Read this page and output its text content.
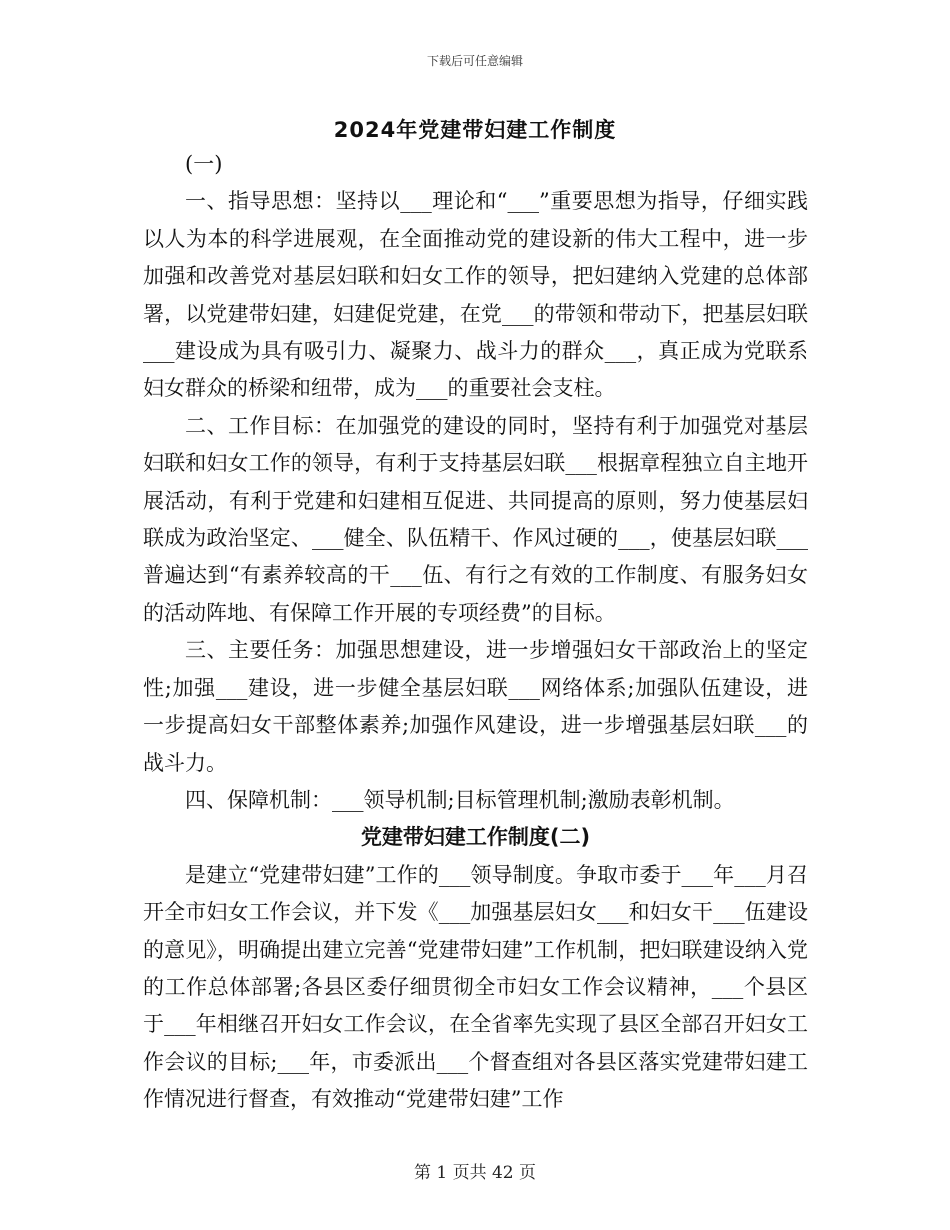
下载后可任意编辑
2024年党建带妇建工作制度

(一)

一、指导思想：坚持以___理论和“___”重要思想为指导，仔细实践以人为本的科学进展观，在全面推动党的建设新的伟大工程中，进一步加强和改善党对基层妇联和妇女工作的领导，把妇建纳入党建的总体部署，以党建带妇建，妇建促党建，在党___的带领和带动下，把基层妇联___建设成为具有吸引力、凝聚力、战斗力的群众___，真正成为党联系妇女群众的桥梁和纽带，成为___的重要社会支柱。

二、工作目标：在加强党的建设的同时，坚持有利于加强党对基层妇联和妇女工作的领导，有利于支持基层妇联___根据章程独立自主地开展活动，有利于党建和妇建相互促进、共同提高的原则，努力使基层妇联成为政治坚定、___健全、队伍精干、作风过硬的___，使基层妇联___普遍达到“有素养较高的干___伍、有行之有效的工作制度、有服务妇女的活动阵地、有保障工作开展的专项经费”的目标。

三、主要任务：加强思想建设，进一步增强妇女干部政治上的坚定性;加强___建设，进一步健全基层妇联___网络体系;加强队伍建设，进一步提高妇女干部整体素养;加强作风建设，进一步增强基层妇联___的战斗力。

四、保障机制：___领导机制;目标管理机制;激励表彰机制。

党建带妇建工作制度(二)

是建立“党建带妇建”工作的___领导制度。争取市委于___年___月召开全市妇女工作会议，并下发《___加强基层妇女___和妇女干___伍建设的意见》，明确提出建立完善“党建带妇建”工作机制，把妇联建设纳入党的工作总体部署;各县区委仔细贯彻全市妇女工作会议精神，___个县区于___年相继召开妇女工作会议，在全省率先实现了县区全部召开妇女工作会议的目标;___年，市委派出___个督查组对各县区落实党建带妇建工作情况进行督查，有效推动“党建带妇建”工作

第 1 页共 42 页
